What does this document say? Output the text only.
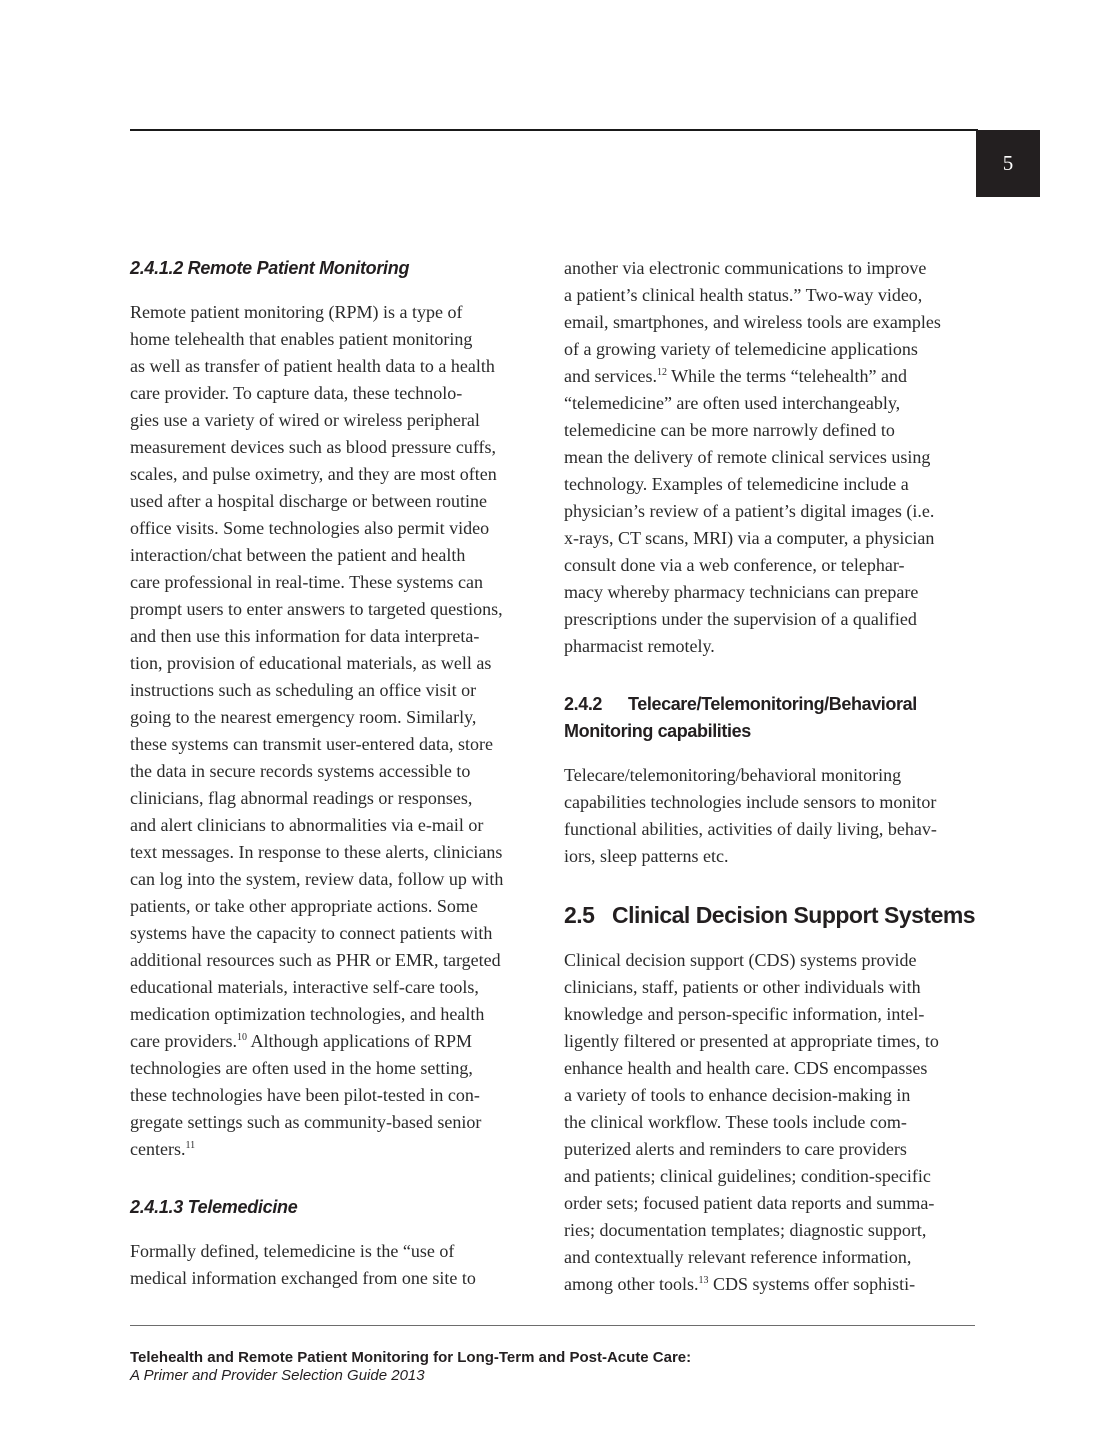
5
2.4.1.2 Remote Patient Monitoring

Remote patient monitoring (RPM) is a type of
home telehealth that enables patient monitoring
as well as transfer of patient health data to a health
care provider. To capture data, these technolo-
gies use a variety of wired or wireless peripheral
measurement devices such as blood pressure cuffs,
scales, and pulse oximetry, and they are most often
used after a hospital discharge or between routine
office visits. Some technologies also permit video
interaction/chat between the patient and health
care professional in real-time. These systems can
prompt users to enter answers to targeted questions,
and then use this information for data interpreta-
tion, provision of educational materials, as well as
instructions such as scheduling an office visit or
going to the nearest emergency room. Similarly,
these systems can transmit user-entered data, store
the data in secure records systems accessible to
clinicians, flag abnormal readings or responses,
and alert clinicians to abnormalities via e-mail or
text messages. In response to these alerts, clinicians
can log into the system, review data, follow up with
patients, or take other appropriate actions. Some
systems have the capacity to connect patients with
additional resources such as PHR or EMR, targeted
educational materials, interactive self-care tools,
medication optimization technologies, and health
care providers.$^{10}$ Although applications of RPM
technologies are often used in the home setting,
these technologies have been pilot-tested in con-
gregate settings such as community-based senior
centers.$^{11}$

2.4.1.3 Telemedicine

Formally defined, telemedicine is the “use of
medical information exchanged from one site to

another via electronic communications to improve
a patient’s clinical health status.” Two-way video,
email, smartphones, and wireless tools are examples
of a growing variety of telemedicine applications
and services.$^{12}$ While the terms “telehealth” and
“telemedicine” are often used interchangeably,
telemedicine can be more narrowly defined to
mean the delivery of remote clinical services using
technology. Examples of telemedicine include a
physician’s review of a patient’s digital images (i.e.
x-rays, CT scans, MRI) via a computer, a physician
consult done via a web conference, or telephar-
macy whereby pharmacy technicians can prepare
prescriptions under the supervision of a qualified
pharmacist remotely.

2.4.2 Telecare/Telemonitoring/Behavioral
Monitoring capabilities

Telecare/telemonitoring/behavioral monitoring
capabilities technologies include sensors to monitor
functional abilities, activities of daily living, behav-
iors, sleep patterns etc.

2.5 Clinical Decision Support Systems

Clinical decision support (CDS) systems provide
clinicians, staff, patients or other individuals with
knowledge and person-specific information, intel-
ligently filtered or presented at appropriate times, to
enhance health and health care. CDS encompasses
a variety of tools to enhance decision-making in
the clinical workflow. These tools include com-
puterized alerts and reminders to care providers
and patients; clinical guidelines; condition-specific
order sets; focused patient data reports and summa-
ries; documentation templates; diagnostic support,
and contextually relevant reference information,
among other tools.$^{13}$ CDS systems offer sophisti-

Telehealth and Remote Patient Monitoring for Long-Term and Post-Acute Care:
A Primer and Provider Selection Guide 2013
